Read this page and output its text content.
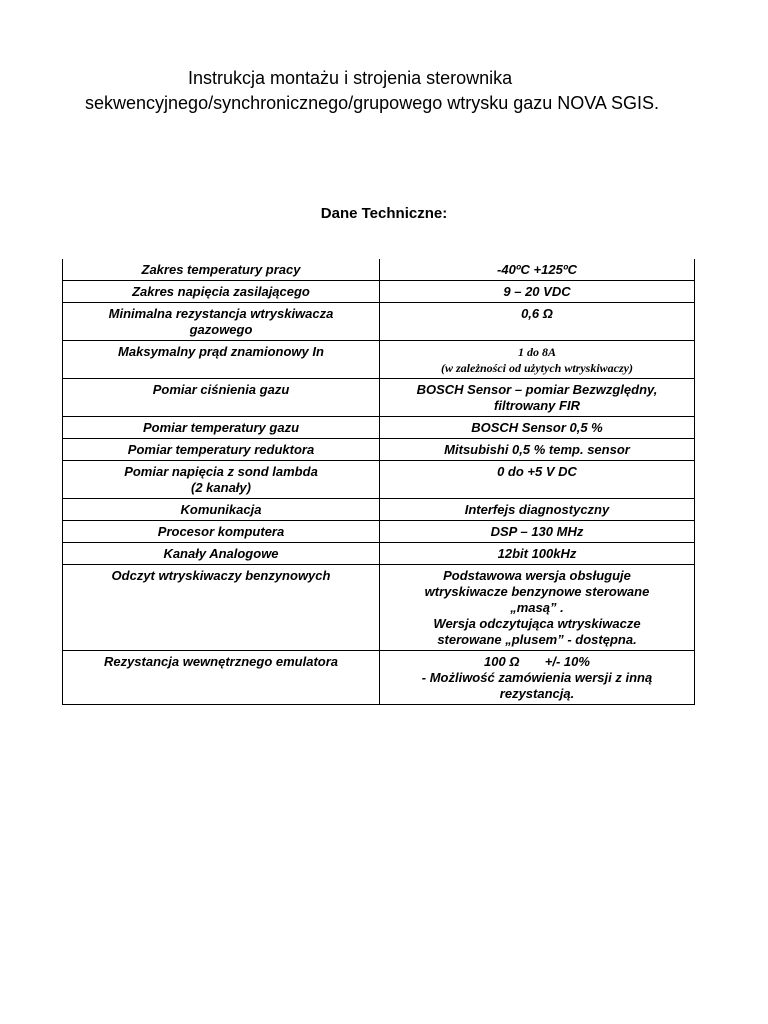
Instrukcja montażu i strojenia sterownika
sekwencyjnego/synchronicznego/grupowego wtrysku gazu NOVA SGIS.
Dane Techniczne:
Zakres temperatury pracy	-40ºC +125ºC

Zakres napięcia zasilającego	9 – 20 VDC

Minimalna rezystancja wtryskiwacza
gazowego	0,6 Ω

Maksymalny prąd znamionowy In	1 do 8A
(w zależności od użytych wtryskiwaczy)

Pomiar ciśnienia gazu	BOSCH Sensor – pomiar Bezwzględny,
filtrowany FIR

Pomiar temperatury gazu	BOSCH Sensor 0,5 %

Pomiar temperatury reduktora	Mitsubishi 0,5 % temp. sensor

Pomiar napięcia z sond lambda
(2 kanały)	0 do +5 V DC

Komunikacja	Interfejs diagnostyczny

Procesor komputera	DSP – 130 MHz

Kanały Analogowe	12bit 100kHz

Odczyt wtryskiwaczy benzynowych	Podstawowa wersja obsługuje
wtryskiwacze benzynowe sterowane
„masą” .
Wersja odczytująca wtryskiwacze
sterowane „plusem” - dostępna.

Rezystancja wewnętrznego emulatora	100 Ω       +/- 10%
- Możliwość zamówienia wersji z inną
rezystancją.
